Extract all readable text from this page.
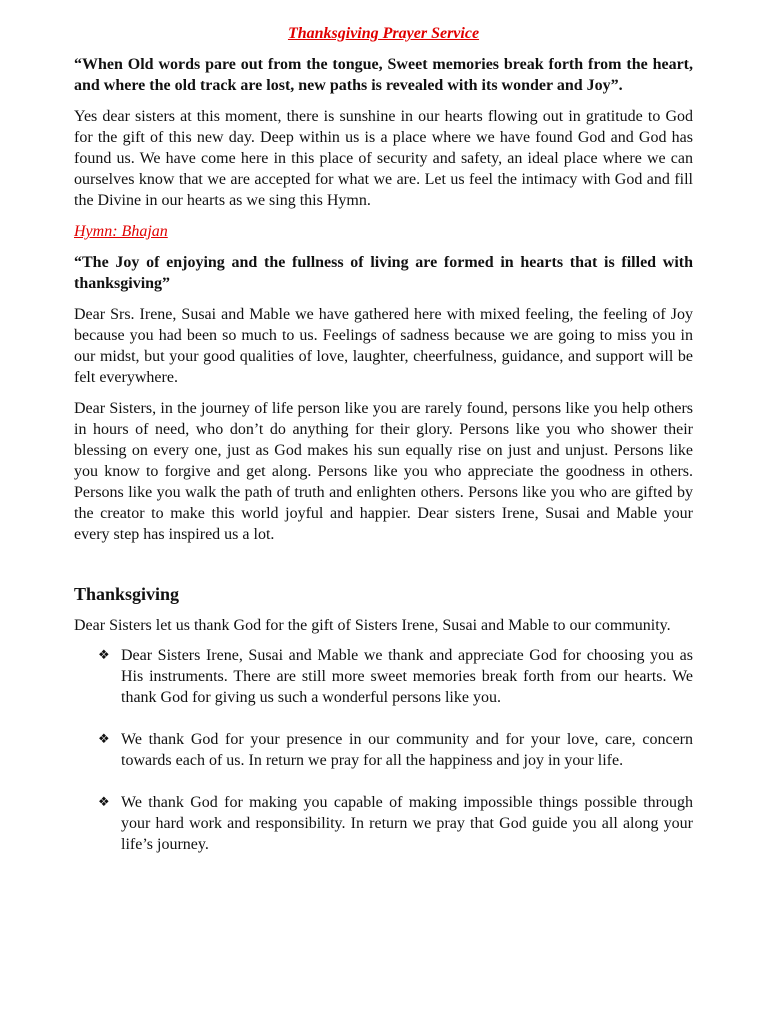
Thanksgiving Prayer Service

“When Old words pare out from the tongue, Sweet memories break forth from the heart, and where the old track are lost, new paths is revealed with its wonder and Joy”.

Yes dear sisters at this moment, there is sunshine in our hearts flowing out in gratitude to God for the gift of this new day. Deep within us is a place where we have found God and God has found us. We have come here in this place of security and safety, an ideal place where we can ourselves know that we are accepted for what we are. Let us feel the intimacy with God and fill the Divine in our hearts as we sing this Hymn.

Hymn: Bhajan

“The Joy of enjoying and the fullness of living are formed in hearts that is filled with thanksgiving”

Dear Srs. Irene, Susai and Mable we have gathered here with mixed feeling, the feeling of Joy because you had been so much to us. Feelings of sadness because we are going to miss you in our midst, but your good qualities of love, laughter, cheerfulness, guidance, and support will be felt everywhere.

Dear Sisters, in the journey of life person like you are rarely found, persons like you help others in hours of need, who don’t do anything for their glory. Persons like you who shower their blessing on every one, just as God makes his sun equally rise on just and unjust. Persons like you know to forgive and get along. Persons like you who appreciate the goodness in others. Persons like you walk the path of truth and enlighten others. Persons like you who are gifted by the creator to make this world joyful and happier. Dear sisters Irene, Susai and Mable your every step has inspired us a lot.

Thanksgiving

Dear Sisters let us thank God for the gift of Sisters Irene, Susai and Mable to our community.

❖ Dear Sisters Irene, Susai and Mable we thank and appreciate God for choosing you as His instruments. There are still more sweet memories break forth from our hearts. We thank God for giving us such a wonderful persons like you.
❖ We thank God for your presence in our community and for your love, care, concern towards each of us. In return we pray for all the happiness and joy in your life.
❖ We thank God for making you capable of making impossible things possible through your hard work and responsibility. In return we pray that God guide you all along your life’s journey.
